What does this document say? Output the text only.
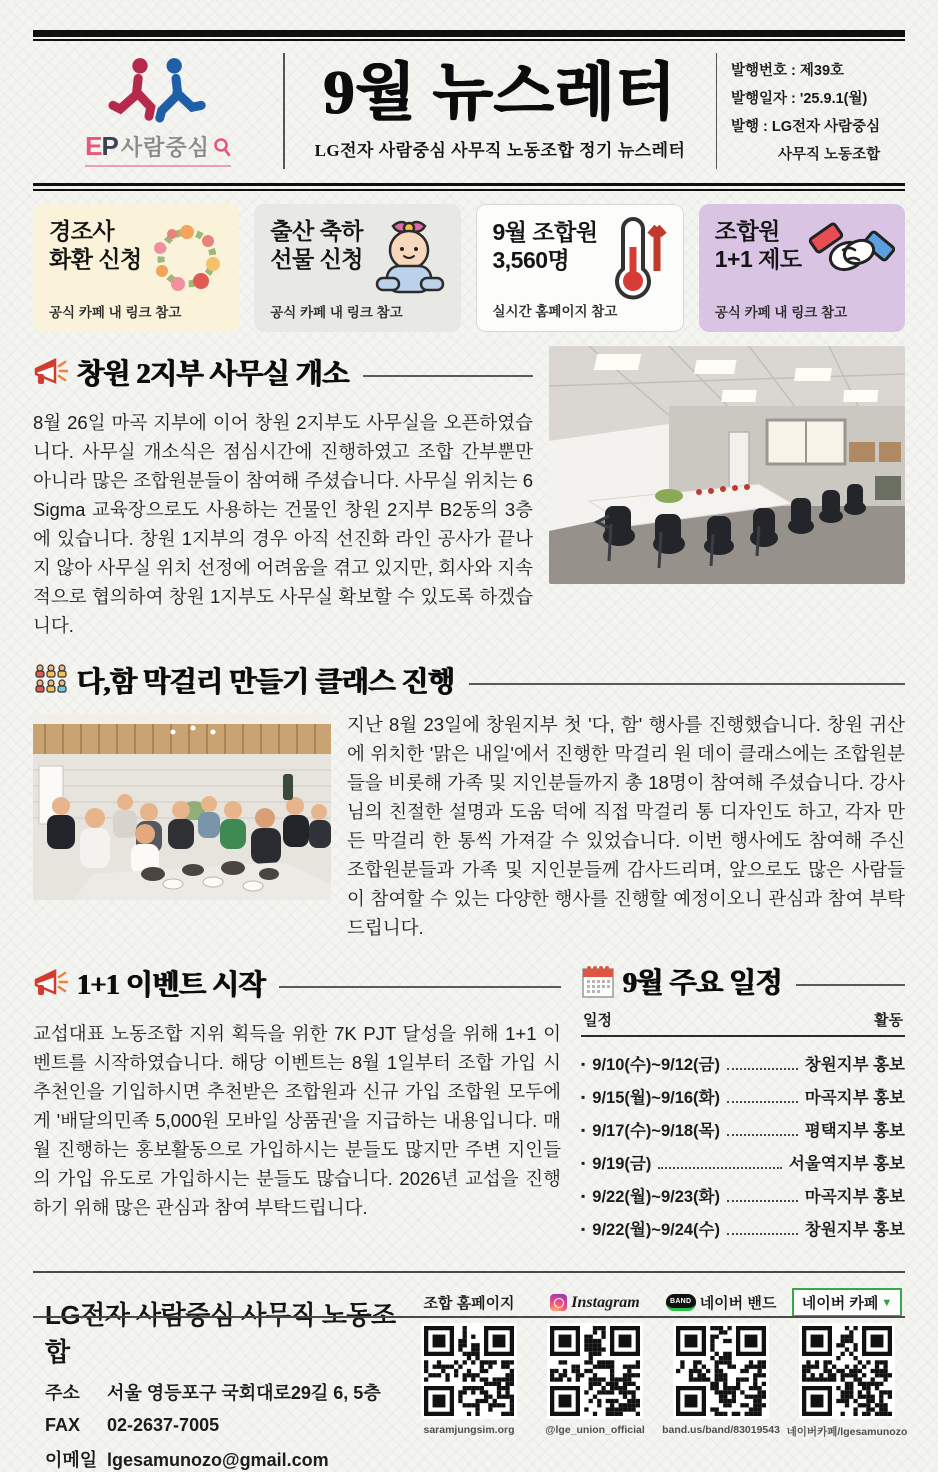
EP 사람중심
9월 뉴스레터
LG전자 사람중심 사무직 노동조합 정기 뉴스레터
발행번호 : 제39호
발행일자 : '25.9.1(월)
발행 : LG전자 사람중심
사무직 노동조합
경조사
화환 신청
공식 카페 내 링크 참고
출산 축하
선물 신청
공식 카페 내 링크 참고
9월 조합원
3,560명
실시간 홈페이지 참고
조합원
1+1 제도
공식 카페 내 링크 참고
창원 2지부 사무실 개소

8월 26일 마곡 지부에 이어 창원 2지부도 사무실을 오픈하였습니다. 사무실 개소식은 점심시간에 진행하였고 조합 간부뿐만 아니라 많은 조합원분들이 참여해 주셨습니다. 사무실 위치는 6 Sigma 교육장으로도 사용하는 건물인 창원 2지부 B2동의 3층에 있습니다. 창원 1지부의 경우 아직 선진화 라인 공사가 끝나지 않아 사무실 위치 선정에 어려움을 겪고 있지만, 회사와 지속적으로 협의하여 창원 1지부도 사무실 확보할 수 있도록 하겠습니다.

다,함 막걸리 만들기 클래스 진행

지난 8월 23일에 창원지부 첫 '다, 함' 행사를 진행했습니다. 창원 귀산에 위치한 '맑은 내일'에서 진행한 막걸리 원 데이 클래스에는 조합원분들을 비롯해 가족 및 지인분들까지 총 18명이 참여해 주셨습니다. 강사님의 친절한 설명과 도움 덕에 직접 막걸리 통 디자인도 하고, 각자 만든 막걸리 한 통씩 가져갈 수 있었습니다. 이번 행사에도 참여해 주신 조합원분들과 가족 및 지인분들께 감사드리며, 앞으로도 많은 사람들이 참여할 수 있는 다양한 행사를 진행할 예정이오니 관심과 참여 부탁드립니다.

1+1 이벤트 시작

교섭대표 노동조합 지위 획득을 위한 7K PJT 달성을 위해 1+1 이벤트를 시작하였습니다. 해당 이벤트는 8월 1일부터 조합 가입 시 추천인을 기입하시면 추천받은 조합원과 신규 가입 조합원 모두에게 '배달의민족 5,000원 모바일 상품권'을 지급하는 내용입니다. 매월 진행하는 홍보활동으로 가입하시는 분들도 많지만 주변 지인들의 가입 유도로 가입하시는 분들도 많습니다. 2026년 교섭을 진행하기 위해 많은 관심과 참여 부탁드립니다.

9월 주요 일정
일정	활동
▪ 9/10(수)~9/12(금)	창원지부 홍보
▪ 9/15(월)~9/16(화)	마곡지부 홍보
▪ 9/17(수)~9/18(목)	평택지부 홍보
▪ 9/19(금)	서울역지부 홍보
▪ 9/22(월)~9/23(화)	마곡지부 홍보
▪ 9/22(월)~9/24(수)	창원지부 홍보
LG전자 사람중심 사무직 노동조합
주소	서울 영등포구 국회대로29길 6, 5층
FAX	02-2637-7005
이메일 lgesamunozo@gmail.com
조합 홈페이지
saramjungsim.org
Instagram
@lge_union_official
BAND 네이버 밴드
band.us/band/83019543
네이버 카페 ▼
네이버카페/lgesamunozo
